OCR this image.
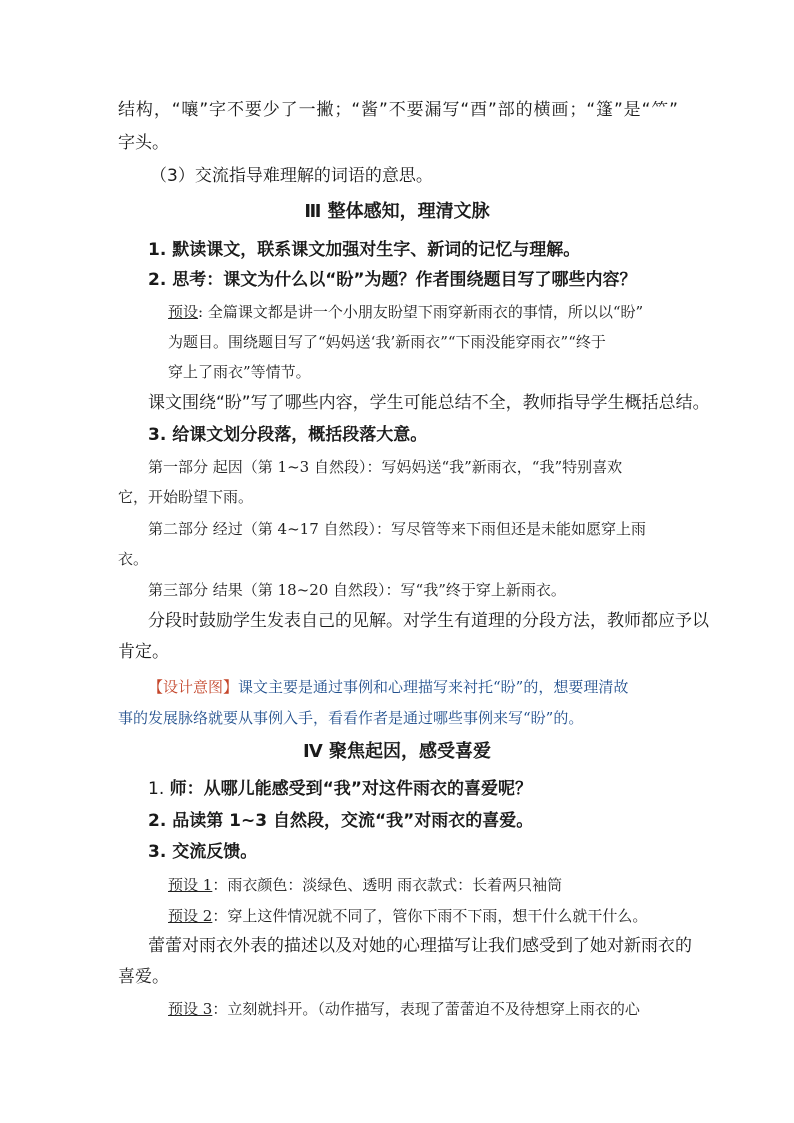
结构，“嚷”字不要少了一撇；“酱”不要漏写“酉”部的横画；“篷”是“⺮”
字头。
（3）交流指导难理解的词语的意思。
Ⅲ 整体感知，理清文脉
1. 默读课文，联系课文加强对生字、新词的记忆与理解。
2. 思考：课文为什么以“盼”为题？作者围绕题目写了哪些内容？
预设: 全篇课文都是讲一个小朋友盼望下雨穿新雨衣的事情，所以以“盼”
为题目。围绕题目写了“妈妈送‘我’新雨衣”“下雨没能穿雨衣”“终于
穿上了雨衣”等情节。
课文围绕“盼”写了哪些内容，学生可能总结不全，教师指导学生概括总结。
3. 给课文划分段落，概括段落大意。
第一部分 起因（第 1~3 自然段）：写妈妈送“我”新雨衣，“我”特别喜欢
它，开始盼望下雨。
第二部分 经过（第 4~17 自然段）：写尽管等来下雨但还是未能如愿穿上雨
衣。
第三部分 结果（第 18~20 自然段）：写“我”终于穿上新雨衣。
分段时鼓励学生发表自己的见解。对学生有道理的分段方法，教师都应予以
肯定。
【设计意图】课文主要是通过事例和心理描写来衬托“盼”的，想要理清故
事的发展脉络就要从事例入手，看看作者是通过哪些事例来写“盼”的。
Ⅳ 聚焦起因，感受喜爱
1. 师：从哪儿能感受到“我”对这件雨衣的喜爱呢？
2. 品读第 1~3 自然段，交流“我”对雨衣的喜爱。
3. 交流反馈。
预设 1：雨衣颜色：淡绿色、透明 雨衣款式：长着两只袖筒
预设 2：穿上这件情况就不同了，管你下雨不下雨，想干什么就干什么。
蕾蕾对雨衣外表的描述以及对她的心理描写让我们感受到了她对新雨衣的
喜爱。
预设 3：立刻就抖开。（动作描写，表现了蕾蕾迫不及待想穿上雨衣的心
